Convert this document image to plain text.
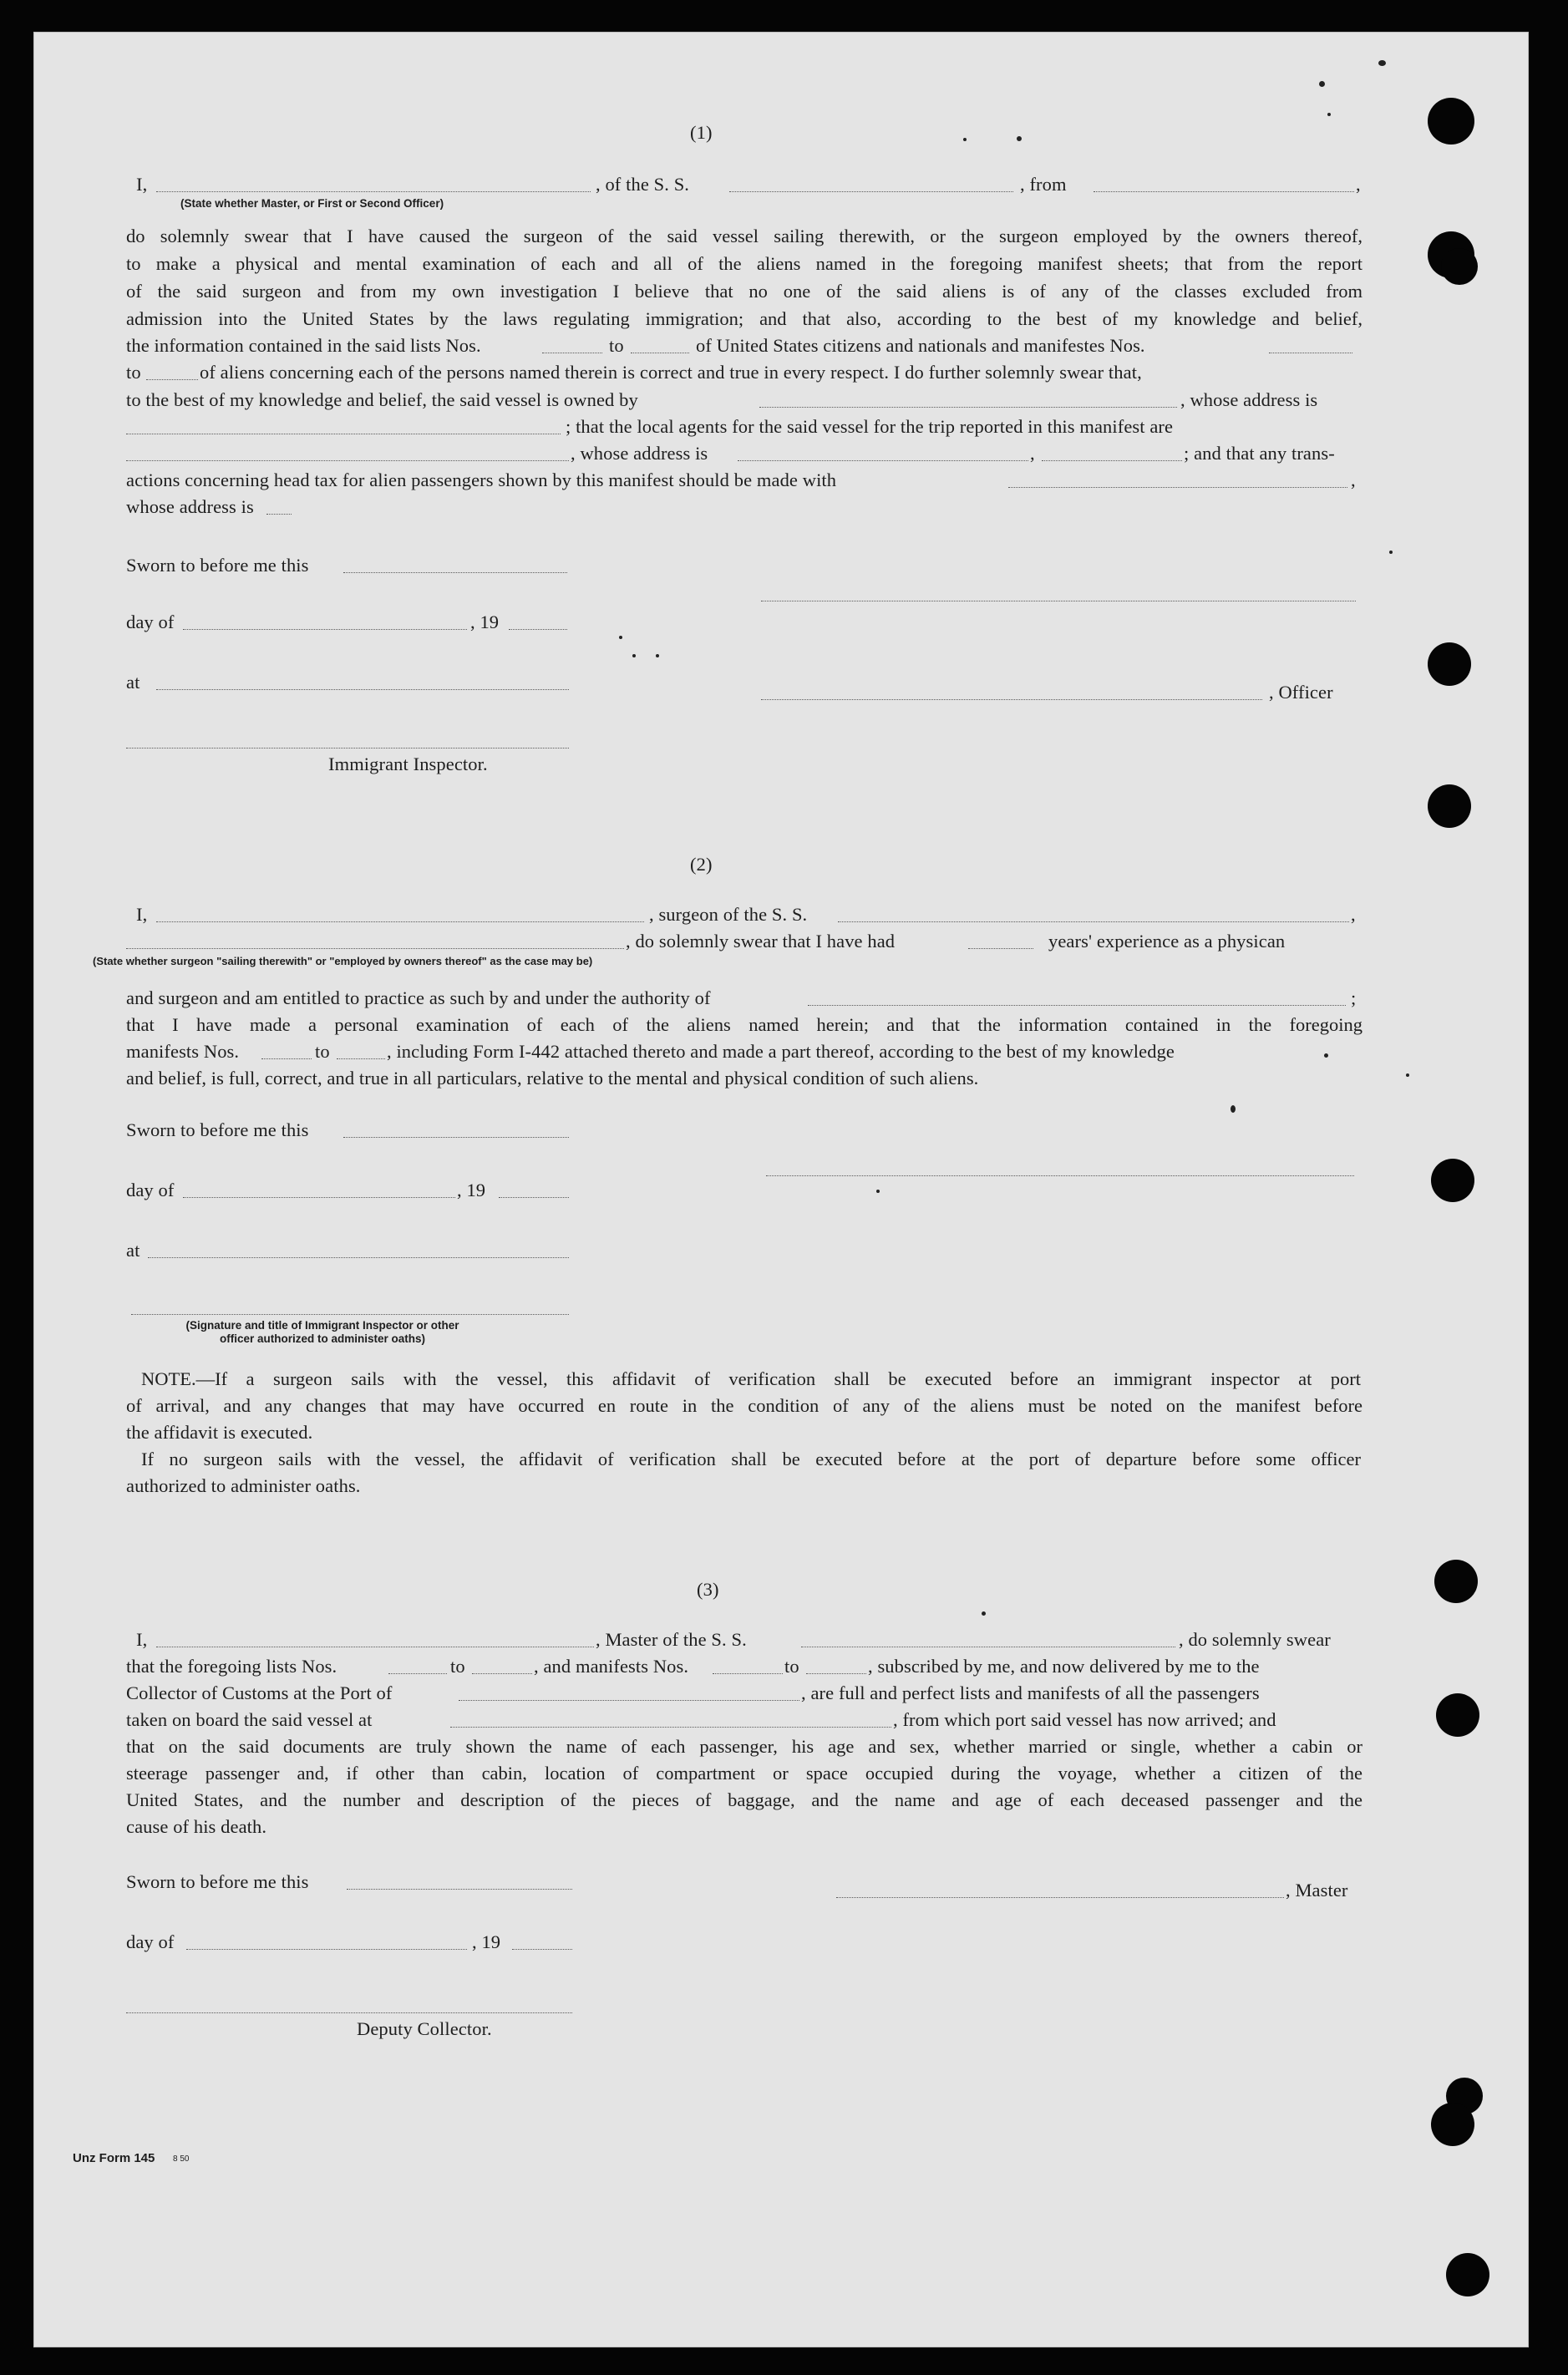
(1)
I,	, of the S. S.	, from	,
(State whether Master, or First or Second Officer)
do solemnly swear that I have caused the surgeon of the said vessel sailing therewith, or the surgeon employed by the owners thereof,
to make a physical and mental examination of each and all of the aliens named in the foregoing manifest sheets; that from the report
of the said surgeon and from my own investigation I believe that no one of the said aliens is of any of the classes excluded from
admission into the United States by the laws regulating immigration; and that also, according to the best of my knowledge and belief,
the information contained in the said lists Nos.	to	of United States citizens and nationals and manifestes Nos.
to	of aliens concerning each of the persons named therein is correct and true in every respect. I do further solemnly swear that,
to the best of my knowledge and belief, the said vessel is owned by	, whose address is
; that the local agents for the said vessel for the trip reported in this manifest are
, whose address is	,	; and that any trans-
actions concerning head tax for alien passengers shown by this manifest should be made with	,
whose address is
Sworn to before me this
day of	, 19
at	, Officer
Immigrant Inspector.
(2)
I,	, surgeon of the S. S.	,
, do solemnly swear that I have had	years' experience as a physican
(State whether surgeon "sailing therewith" or "employed by owners thereof" as the case may be)
and surgeon and am entitled to practice as such by and under the authority of	;
that I have made a personal examination of each of the aliens named herein; and that the information contained in the foregoing
manifests Nos.	to	, including Form I-442 attached thereto and made a part thereof, according to the best of my knowledge
and belief, is full, correct, and true in all particulars, relative to the mental and physical condition of such aliens.
Sworn to before me this
day of	, 19
at
(Signature and title of Immigrant Inspector or other
officer authorized to administer oaths)
NOTE.—If a surgeon sails with the vessel, this affidavit of verification shall be executed before an immigrant inspector at port
of arrival, and any changes that may have occurred en route in the condition of any of the aliens must be noted on the manifest before
the affidavit is executed.
If no surgeon sails with the vessel, the affidavit of verification shall be executed before at the port of departure before some officer
authorized to administer oaths.
(3)
I,	, Master of the S. S.	, do solemnly swear
that the foregoing lists Nos.	to	, and manifests Nos.	to	, subscribed by me, and now delivered by me to the
Collector of Customs at the Port of	, are full and perfect lists and manifests of all the passengers
taken on board the said vessel at	, from which port said vessel has now arrived; and
that on the said documents are truly shown the name of each passenger, his age and sex, whether married or single, whether a cabin or
steerage passenger and, if other than cabin, location of compartment or space occupied during the voyage, whether a citizen of the
United States, and the number and description of the pieces of baggage, and the name and age of each deceased passenger and the
cause of his death.
Sworn to before me this	, Master
day of	, 19
Deputy Collector.
Unz Form 145 8 50
